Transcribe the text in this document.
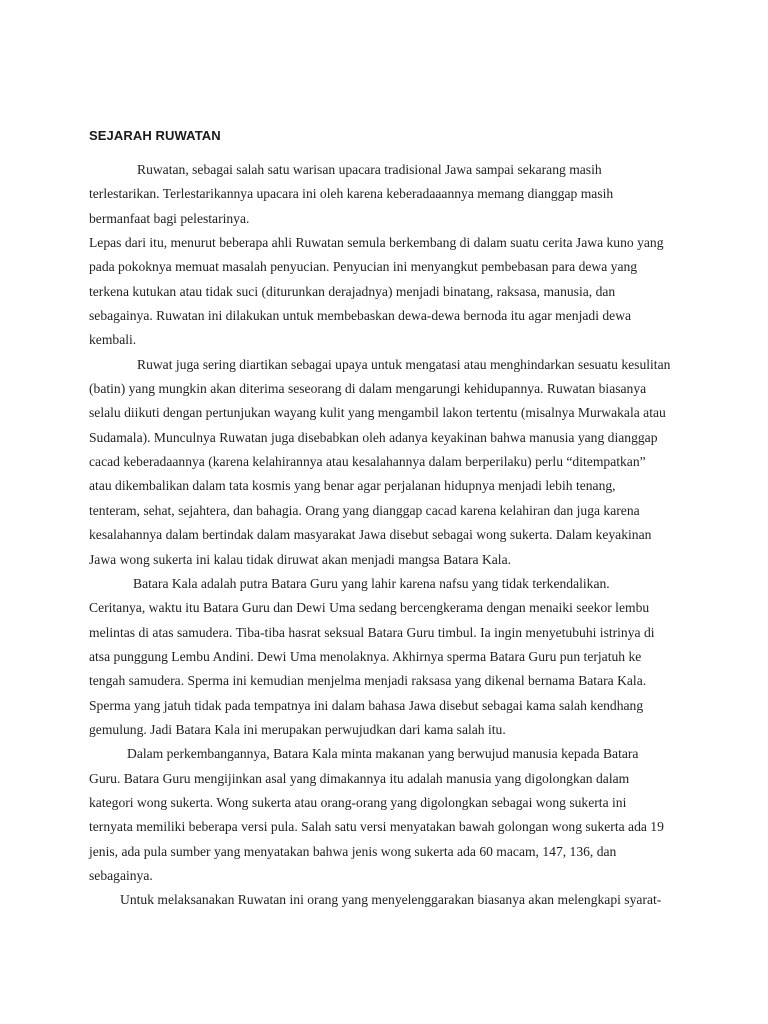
SEJARAH RUWATAN
Ruwatan, sebagai salah satu warisan upacara tradisional Jawa sampai sekarang masih
terlestarikan. Terlestarikannya upacara ini oleh karena keberadaaannya memang dianggap masih
bermanfaat bagi pelestarinya.
Lepas dari itu, menurut beberapa ahli Ruwatan semula berkembang di dalam suatu cerita Jawa kuno yang
pada pokoknya memuat masalah penyucian. Penyucian ini menyangkut pembebasan para dewa yang
terkena kutukan atau tidak suci (diturunkan derajadnya) menjadi binatang, raksasa, manusia, dan
sebagainya. Ruwatan ini dilakukan untuk membebaskan dewa-dewa bernoda itu agar menjadi dewa
kembali.
Ruwat juga sering diartikan sebagai upaya untuk mengatasi atau menghindarkan sesuatu kesulitan
(batin) yang mungkin akan diterima seseorang di dalam mengarungi kehidupannya. Ruwatan biasanya
selalu diikuti dengan pertunjukan wayang kulit yang mengambil lakon tertentu (misalnya Murwakala atau
Sudamala). Munculnya Ruwatan juga disebabkan oleh adanya keyakinan bahwa manusia yang dianggap
cacad keberadaannya (karena kelahirannya atau kesalahannya dalam berperilaku) perlu “ditempatkan”
atau dikembalikan dalam tata kosmis yang benar agar perjalanan hidupnya menjadi lebih tenang,
tenteram, sehat, sejahtera, dan bahagia. Orang yang dianggap cacad karena kelahiran dan juga karena
kesalahannya dalam bertindak dalam masyarakat Jawa disebut sebagai wong sukerta. Dalam keyakinan
Jawa wong sukerta ini kalau tidak diruwat akan menjadi mangsa Batara Kala.
Batara Kala adalah putra Batara Guru yang lahir karena nafsu yang tidak terkendalikan.
Ceritanya, waktu itu Batara Guru dan Dewi Uma sedang bercengkerama dengan menaiki seekor lembu
melintas di atas samudera. Tiba-tiba hasrat seksual Batara Guru timbul. Ia ingin menyetubuhi istrinya di
atsa punggung Lembu Andini. Dewi Uma menolaknya. Akhirnya sperma Batara Guru pun terjatuh ke
tengah samudera. Sperma ini kemudian menjelma menjadi raksasa yang dikenal bernama Batara Kala.
Sperma yang jatuh tidak pada tempatnya ini dalam bahasa Jawa disebut sebagai kama salah kendhang
gemulung. Jadi Batara Kala ini merupakan perwujudkan dari kama salah itu.
Dalam perkembangannya, Batara Kala minta makanan yang berwujud manusia kepada Batara
Guru. Batara Guru mengijinkan asal yang dimakannya itu adalah manusia yang digolongkan dalam
kategori wong sukerta. Wong sukerta atau orang-orang yang digolongkan sebagai wong sukerta ini
ternyata memiliki beberapa versi pula. Salah satu versi menyatakan bawah golongan wong sukerta ada 19
jenis, ada pula sumber yang menyatakan bahwa jenis wong sukerta ada 60 macam, 147, 136, dan
sebagainya.
Untuk melaksanakan Ruwatan ini orang yang menyelenggarakan biasanya akan melengkapi syarat-
